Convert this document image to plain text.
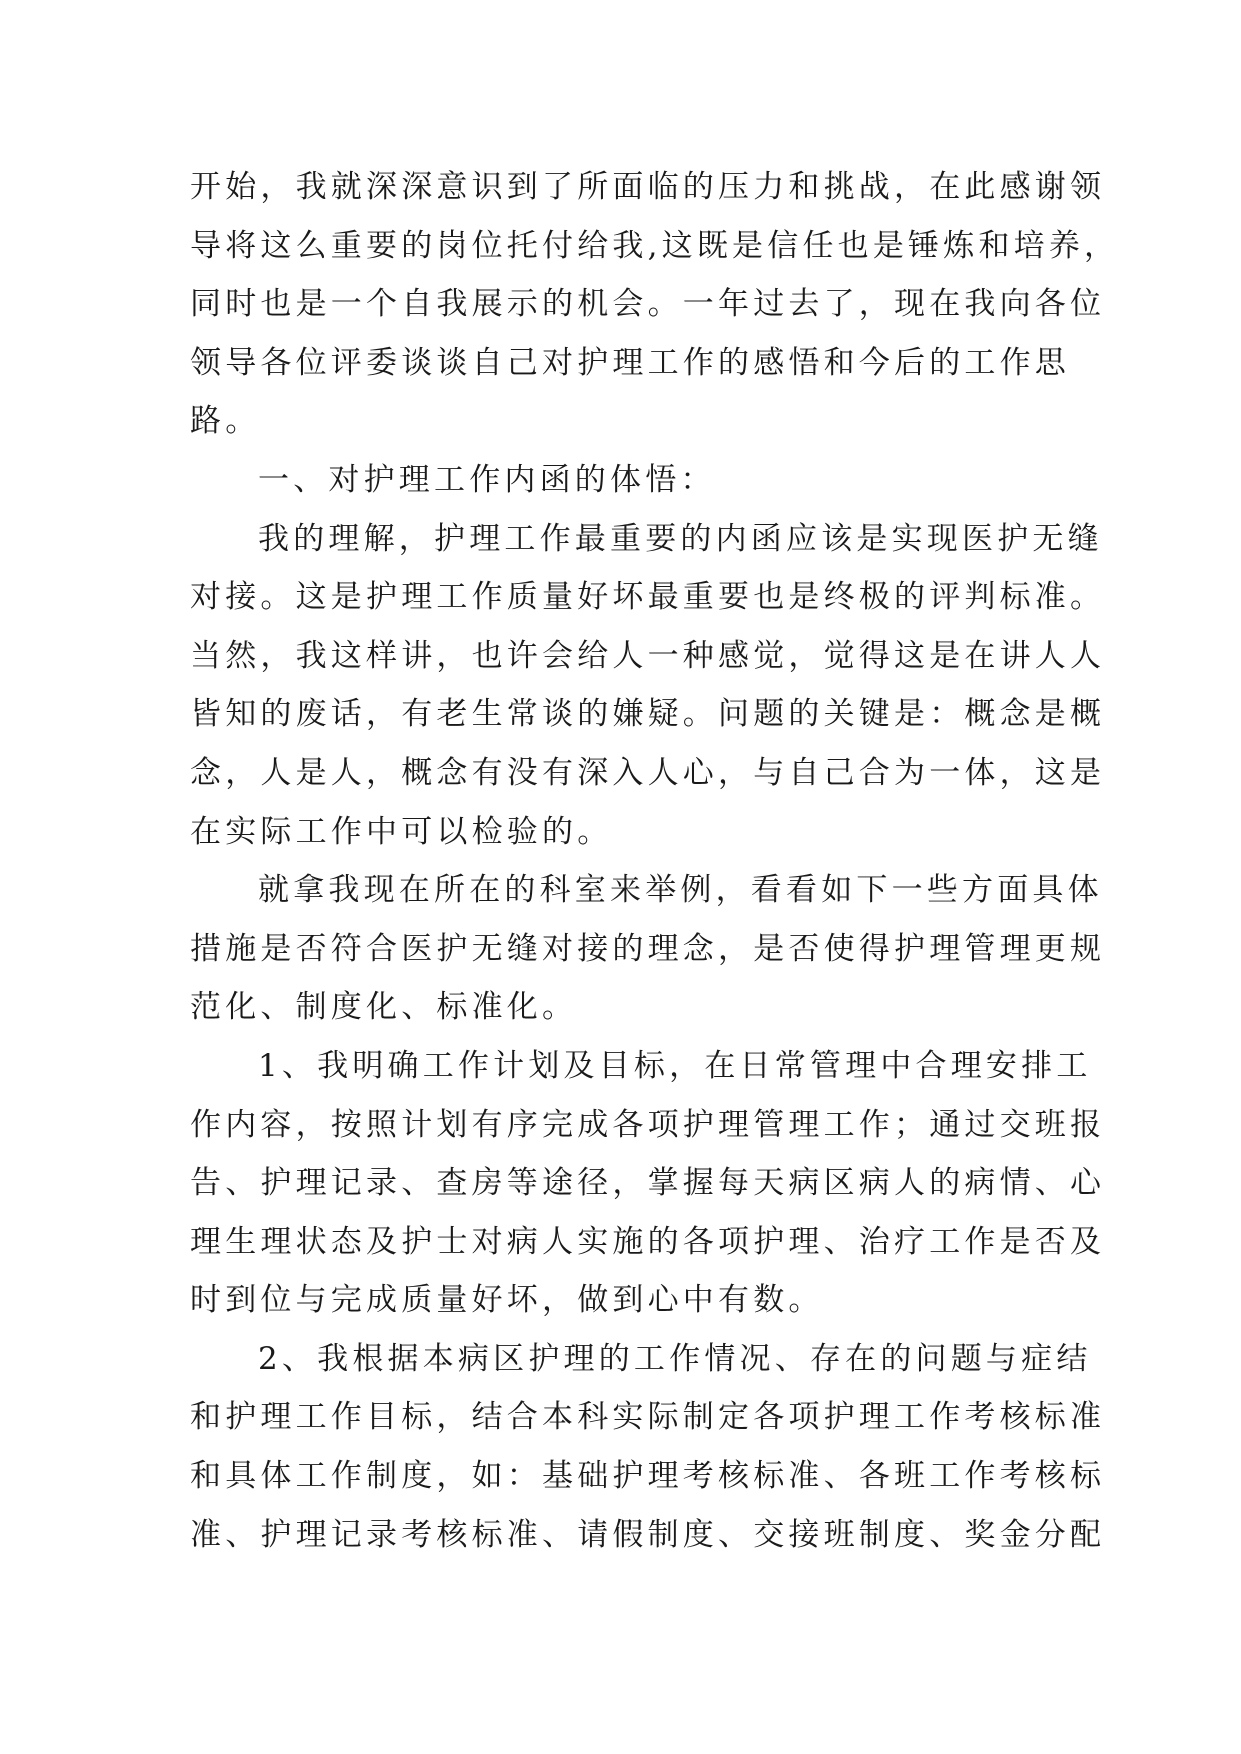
开始，我就深深意识到了所面临的压力和挑战，在此感谢领
导将这么重要的岗位托付给我,这既是信任也是锤炼和培养，
同时也是一个自我展示的机会。一年过去了，现在我向各位
领导各位评委谈谈自己对护理工作的感悟和今后的工作思
路。
一、对护理工作内函的体悟：
我的理解，护理工作最重要的内函应该是实现医护无缝
对接。这是护理工作质量好坏最重要也是终极的评判标准。
当然，我这样讲，也许会给人一种感觉，觉得这是在讲人人
皆知的废话，有老生常谈的嫌疑。问题的关键是：概念是概
念，人是人，概念有没有深入人心，与自己合为一体，这是
在实际工作中可以检验的。
就拿我现在所在的科室来举例，看看如下一些方面具体
措施是否符合医护无缝对接的理念，是否使得护理管理更规
范化、制度化、标准化。
1、我明确工作计划及目标，在日常管理中合理安排工
作内容，按照计划有序完成各项护理管理工作；通过交班报
告、护理记录、查房等途径，掌握每天病区病人的病情、心
理生理状态及护士对病人实施的各项护理、治疗工作是否及
时到位与完成质量好坏，做到心中有数。
2、我根据本病区护理的工作情况、存在的问题与症结
和护理工作目标，结合本科实际制定各项护理工作考核标准
和具体工作制度，如：基础护理考核标准、各班工作考核标
准、护理记录考核标准、请假制度、交接班制度、奖金分配
